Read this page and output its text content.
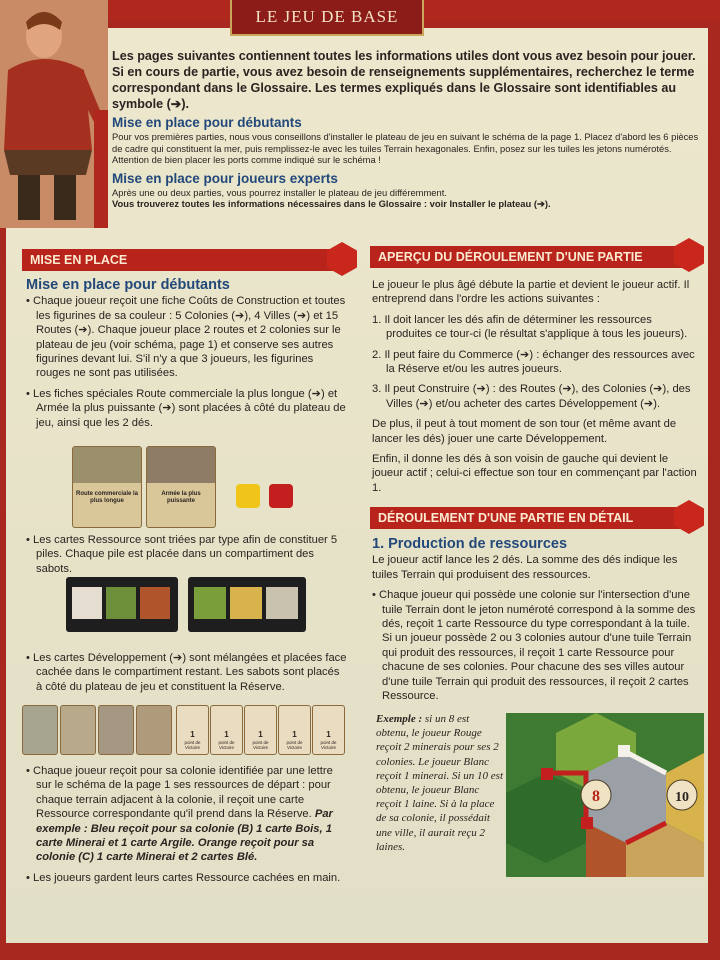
LE JEU DE BASE

Les pages suivantes contiennent toutes les informations utiles dont vous avez besoin pour jouer. Si en cours de partie, vous avez besoin de renseignements supplémentaires, recherchez le terme correspondant dans le Glossaire. Les termes expliqués dans le Glossaire sont identifiables au symbole (➔).

Mise en place pour débutants
Pour vos premières parties, nous vous conseillons d'installer le plateau de jeu en suivant le schéma de la page 1. Placez d'abord les 6 pièces de cadre qui constituent la mer, puis remplissez-le avec les tuiles Terrain hexagonales. Enfin, posez sur les tuiles les jetons numérotés. Attention de bien placer les ports comme indiqué sur le schéma !
Mise en place pour joueurs experts
Après une ou deux parties, vous pourrez installer le plateau de jeu différemment.
Vous trouverez toutes les informations nécessaires dans le Glossaire : voir Installer le plateau (➔).
MISE EN PLACE
Mise en place pour débutants

• Chaque joueur reçoit une fiche Coûts de Construction et toutes les figurines de sa couleur : 5 Colonies (➔), 4 Villes (➔) et 15 Routes (➔). Chaque joueur place 2 routes et 2 colonies sur le plateau de jeu (voir schéma, page 1) et conserve ses autres figurines devant lui. S'il n'y a que 3 joueurs, les figurines rouges ne sont pas utilisées.

• Les fiches spéciales Route commerciale la plus longue (➔) et Armée la plus puissante (➔) sont placées à côté du plateau de jeu, ainsi que les 2 dés.

Route commerciale la plus longue
Armée la plus puissante

• Les cartes Ressource sont triées par type afin de constituer 5 piles. Chaque pile est placée dans un compartiment des sabots.

• Les cartes Développement (➔) sont mélangées et placées face cachée dans le compartiment restant. Les sabots sont placés à côté du plateau de jeu et constituent la Réserve.

1
point de Victoire
1
point de Victoire
1
point de Victoire
1
point de Victoire
1
point de Victoire

• Chaque joueur reçoit pour sa colonie identifiée par une lettre sur le schéma de la page 1 ses ressources de départ : pour chaque terrain adjacent à la colonie, il reçoit une carte Ressource correspondante qu'il prend dans la Réserve. Par exemple : Bleu reçoit pour sa colonie (B) 1 carte Bois, 1 carte Minerai et 1 carte Argile. Orange reçoit pour sa colonie (C) 1 carte Minerai et 2 cartes Blé.

• Les joueurs gardent leurs cartes Ressource cachées en main.

APERÇU DU DÉROULEMENT D'UNE PARTIE

Le joueur le plus âgé débute la partie et devient le joueur actif. Il entreprend dans l'ordre les actions suivantes :

1. Il doit lancer les dés afin de déterminer les ressources produites ce tour-ci (le résultat s'applique à tous les joueurs).

2. Il peut faire du Commerce (➔) : échanger des ressources avec la Réserve et/ou les autres joueurs.

3. Il peut Construire (➔) : des Routes (➔), des Colonies (➔), des Villes (➔) et/ou acheter des cartes Développement (➔).

De plus, il peut à tout moment de son tour (et même avant de lancer les dés) jouer une carte Développement.

Enfin, il donne les dés à son voisin de gauche qui devient le joueur actif ; celui-ci effectue son tour en commençant par l'action 1.

DÉROULEMENT D'UNE PARTIE EN DÉTAIL
1. Production de ressources

Le joueur actif lance les 2 dés. La somme des dés indique les tuiles Terrain qui produisent des ressources.

• Chaque joueur qui possède une colonie sur l'intersection d'une tuile Terrain dont le jeton numéroté correspond à la somme des dés, reçoit 1 carte Ressource du type correspondant à la tuile. Si un joueur possède 2 ou 3 colonies autour d'une tuile Terrain qui produit des ressources, il reçoit 1 carte Ressource pour chacune de ses colonies. Pour chacune des ses villes autour d'une tuile Terrain qui produit des ressources, il reçoit 2 cartes Ressource.

Exemple : si un 8 est obtenu, le joueur Rouge reçoit 2 minerais pour ses 2 colonies. Le joueur Blanc reçoit 1 minerai. Si un 10 est obtenu, le joueur Blanc reçoit 1 laine. Si à la place de sa colonie, il possédait une ville, il aurait reçu 2 laines.
8	10
